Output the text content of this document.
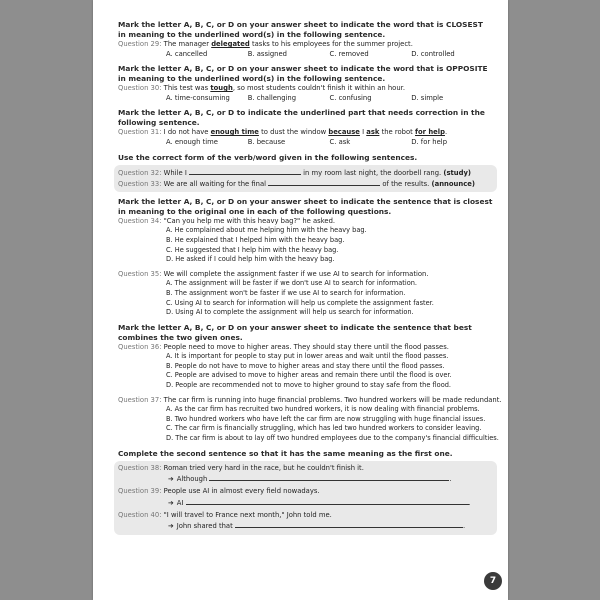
Mark the letter A, B, C, or D on your answer sheet to indicate the word that is CLOSEST in meaning to the underlined word(s) in the following sentence.

Question 29: The manager delegated tasks to his employees for the summer project.
A. cancelled	B. assigned	C. removed	D. controlled

Mark the letter A, B, C, or D on your answer sheet to indicate the word that is OPPOSITE in meaning to the underlined word(s) in the following sentence.

Question 30: This test was tough, so most students couldn't finish it within an hour.
A. time-consuming	B. challenging	C. confusing	D. simple

Mark the letter A, B, C, or D to indicate the underlined part that needs correction in the following sentence.

Question 31: I do not have enough time to dust the window because I ask the robot for help.
A. enough time	B. because	C. ask	D. for help

Use the correct form of the verb/word given in the following sentences.

Question 32: While I	in my room last night, the doorbell rang. (study)
Question 33: We are all waiting for the final	of the results. (announce)

Mark the letter A, B, C, or D on your answer sheet to indicate the sentence that is closest in meaning to the original one in each of the following questions.

Question 34: "Can you help me with this heavy bag?" he asked.
A. He complained about me helping him with the heavy bag.
B. He explained that I helped him with the heavy bag.
C. He suggested that I help him with the heavy bag.
D. He asked if I could help him with the heavy bag.
Question 35: We will complete the assignment faster if we use AI to search for information.
A. The assignment will be faster if we don't use AI to search for information.
B. The assignment won't be faster if we use AI to search for information.
C. Using AI to search for information will help us complete the assignment faster.
D. Using AI to complete the assignment will help us search for information.

Mark the letter A, B, C, or D on your answer sheet to indicate the sentence that best combines the two given ones.

Question 36: People need to move to higher areas. They should stay there until the flood passes.
A. It is important for people to stay put in lower areas and wait until the flood passes.
B. People do not have to move to higher areas and stay there until the flood passes.
C. People are advised to move to higher areas and remain there until the flood is over.
D. People are recommended not to move to higher ground to stay safe from the flood.
Question 37: The car firm is running into huge financial problems. Two hundred workers will be made redundant.
A. As the car firm has recruited two hundred workers, it is now dealing with financial problems.
B. Two hundred workers who have left the car firm are now struggling with huge financial issues.
C. The car firm is financially struggling, which has led two hundred workers to consider leaving.
D. The car firm is about to lay off two hundred employees due to the company's financial difficulties.

Complete the second sentence so that it has the same meaning as the first one.

Question 38: Roman tried very hard in the race, but he couldn't finish it.
➔ Although	.
Question 39: People use AI in almost every field nowadays.
➔ AI	.
Question 40: "I will travel to France next month," John told me.
➔ John shared that	.
7
